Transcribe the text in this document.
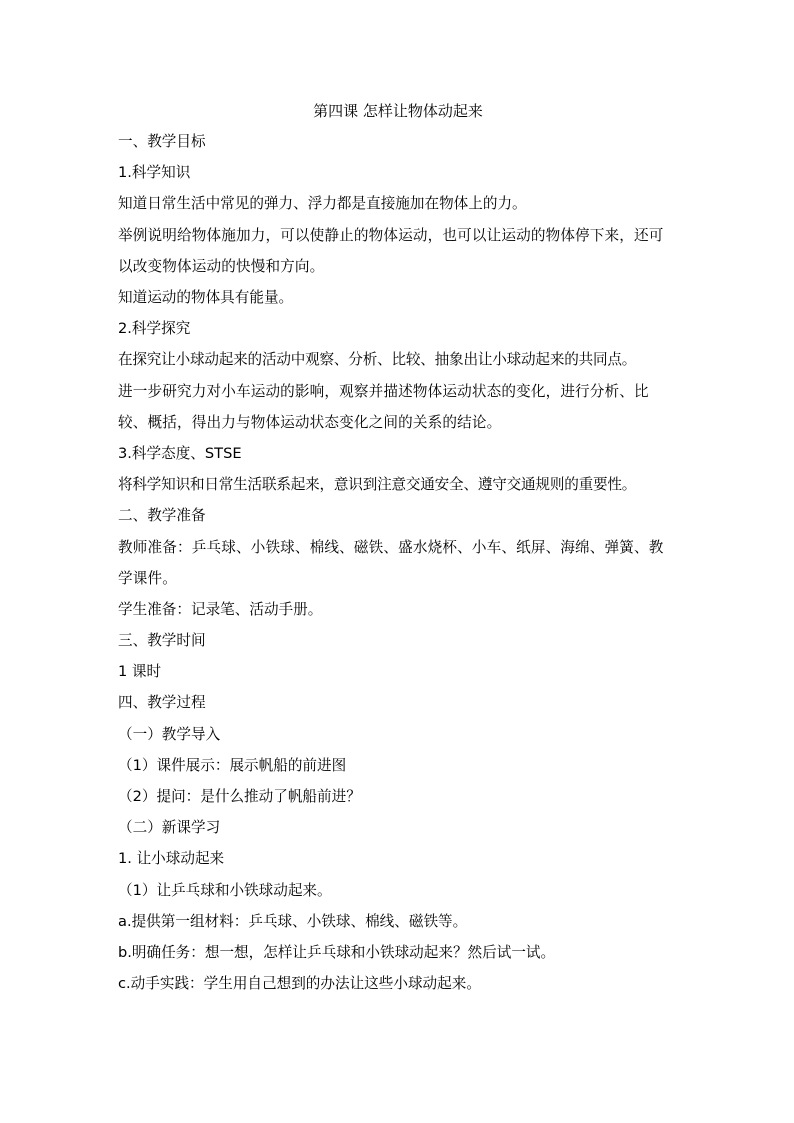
第四课 怎样让物体动起来
一、教学目标
1.科学知识
知道日常生活中常见的弹力、浮力都是直接施加在物体上的力。
举例说明给物体施加力，可以使静止的物体运动，也可以让运动的物体停下来，还可以改变物体运动的快慢和方向。
知道运动的物体具有能量。
2.科学探究
在探究让小球动起来的活动中观察、分析、比较、抽象出让小球动起来的共同点。
进一步研究力对小车运动的影响，观察并描述物体运动状态的变化，进行分析、比较、概括，得出力与物体运动状态变化之间的关系的结论。
3.科学态度、STSE
将科学知识和日常生活联系起来，意识到注意交通安全、遵守交通规则的重要性。
二、教学准备
教师准备：乒乓球、小铁球、棉线、磁铁、盛水烧杯、小车、纸屏、海绵、弹簧、教学课件。
学生准备：记录笔、活动手册。
三、教学时间
1 课时
四、教学过程
（一）教学导入
（1）课件展示：展示帆船的前进图
（2）提问：是什么推动了帆船前进？
（二）新课学习
1. 让小球动起来
（1）让乒乓球和小铁球动起来。
a.提供第一组材料：乒乓球、小铁球、棉线、磁铁等。
b.明确任务：想一想，怎样让乒乓球和小铁球动起来？然后试一试。
c.动手实践：学生用自己想到的办法让这些小球动起来。
